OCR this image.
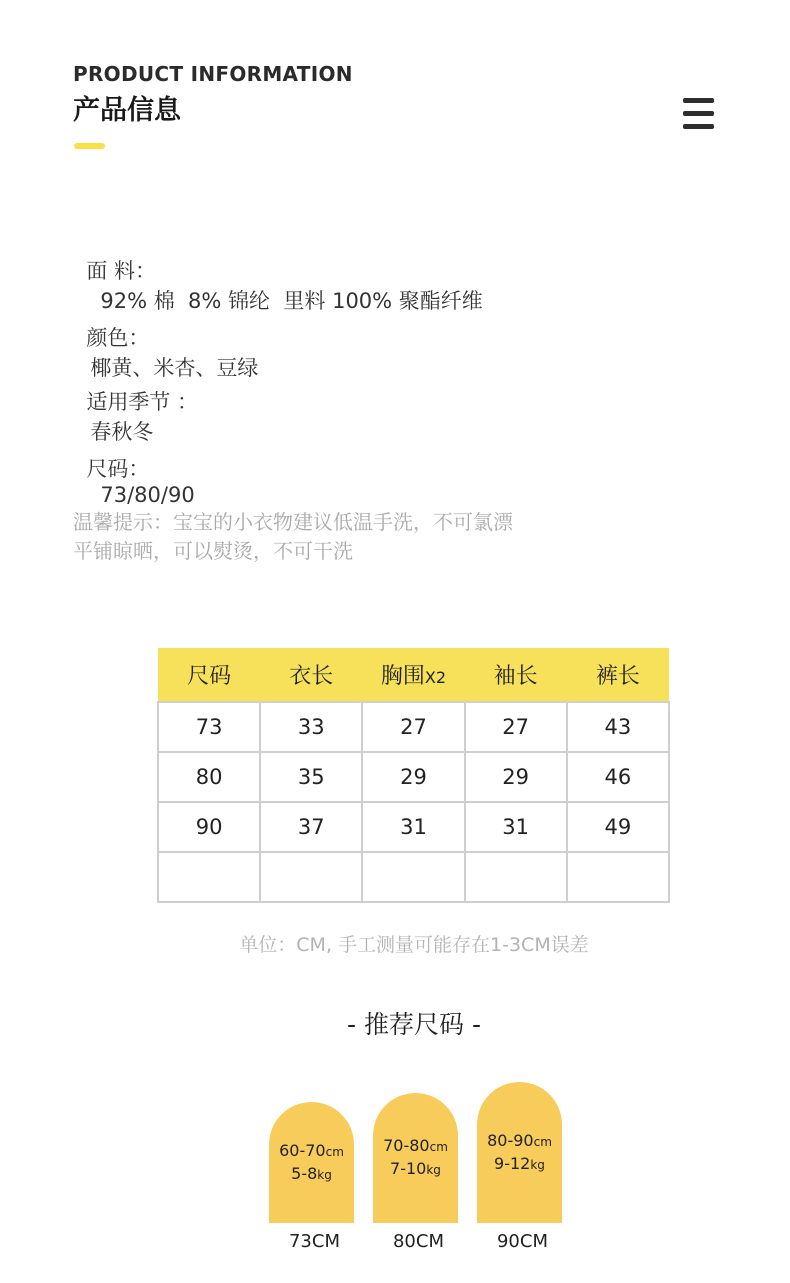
PRODUCT INFORMATION
产品信息

面 料：
92% 棉  8% 锦纶  里料 100% 聚酯纤维

颜色：
椰黄、米杏、豆绿

适用季节 ：
春秋冬

尺码：
73/80/90

温馨提示：宝宝的小衣物建议低温手洗，不可氯漂
平铺晾晒，可以熨烫，不可干洗
尺码	衣长	胸围X2	袖长	裤长
73	33	27	27	43
80	35	29	29	46
90	37	31	31	49

单位：CM, 手工测量可能存在1-3CM误差
- 推荐尺码 -
60-70cm
5-8kg
70-80cm
7-10kg
80-90cm
9-12kg
73CM	80CM	90CM
